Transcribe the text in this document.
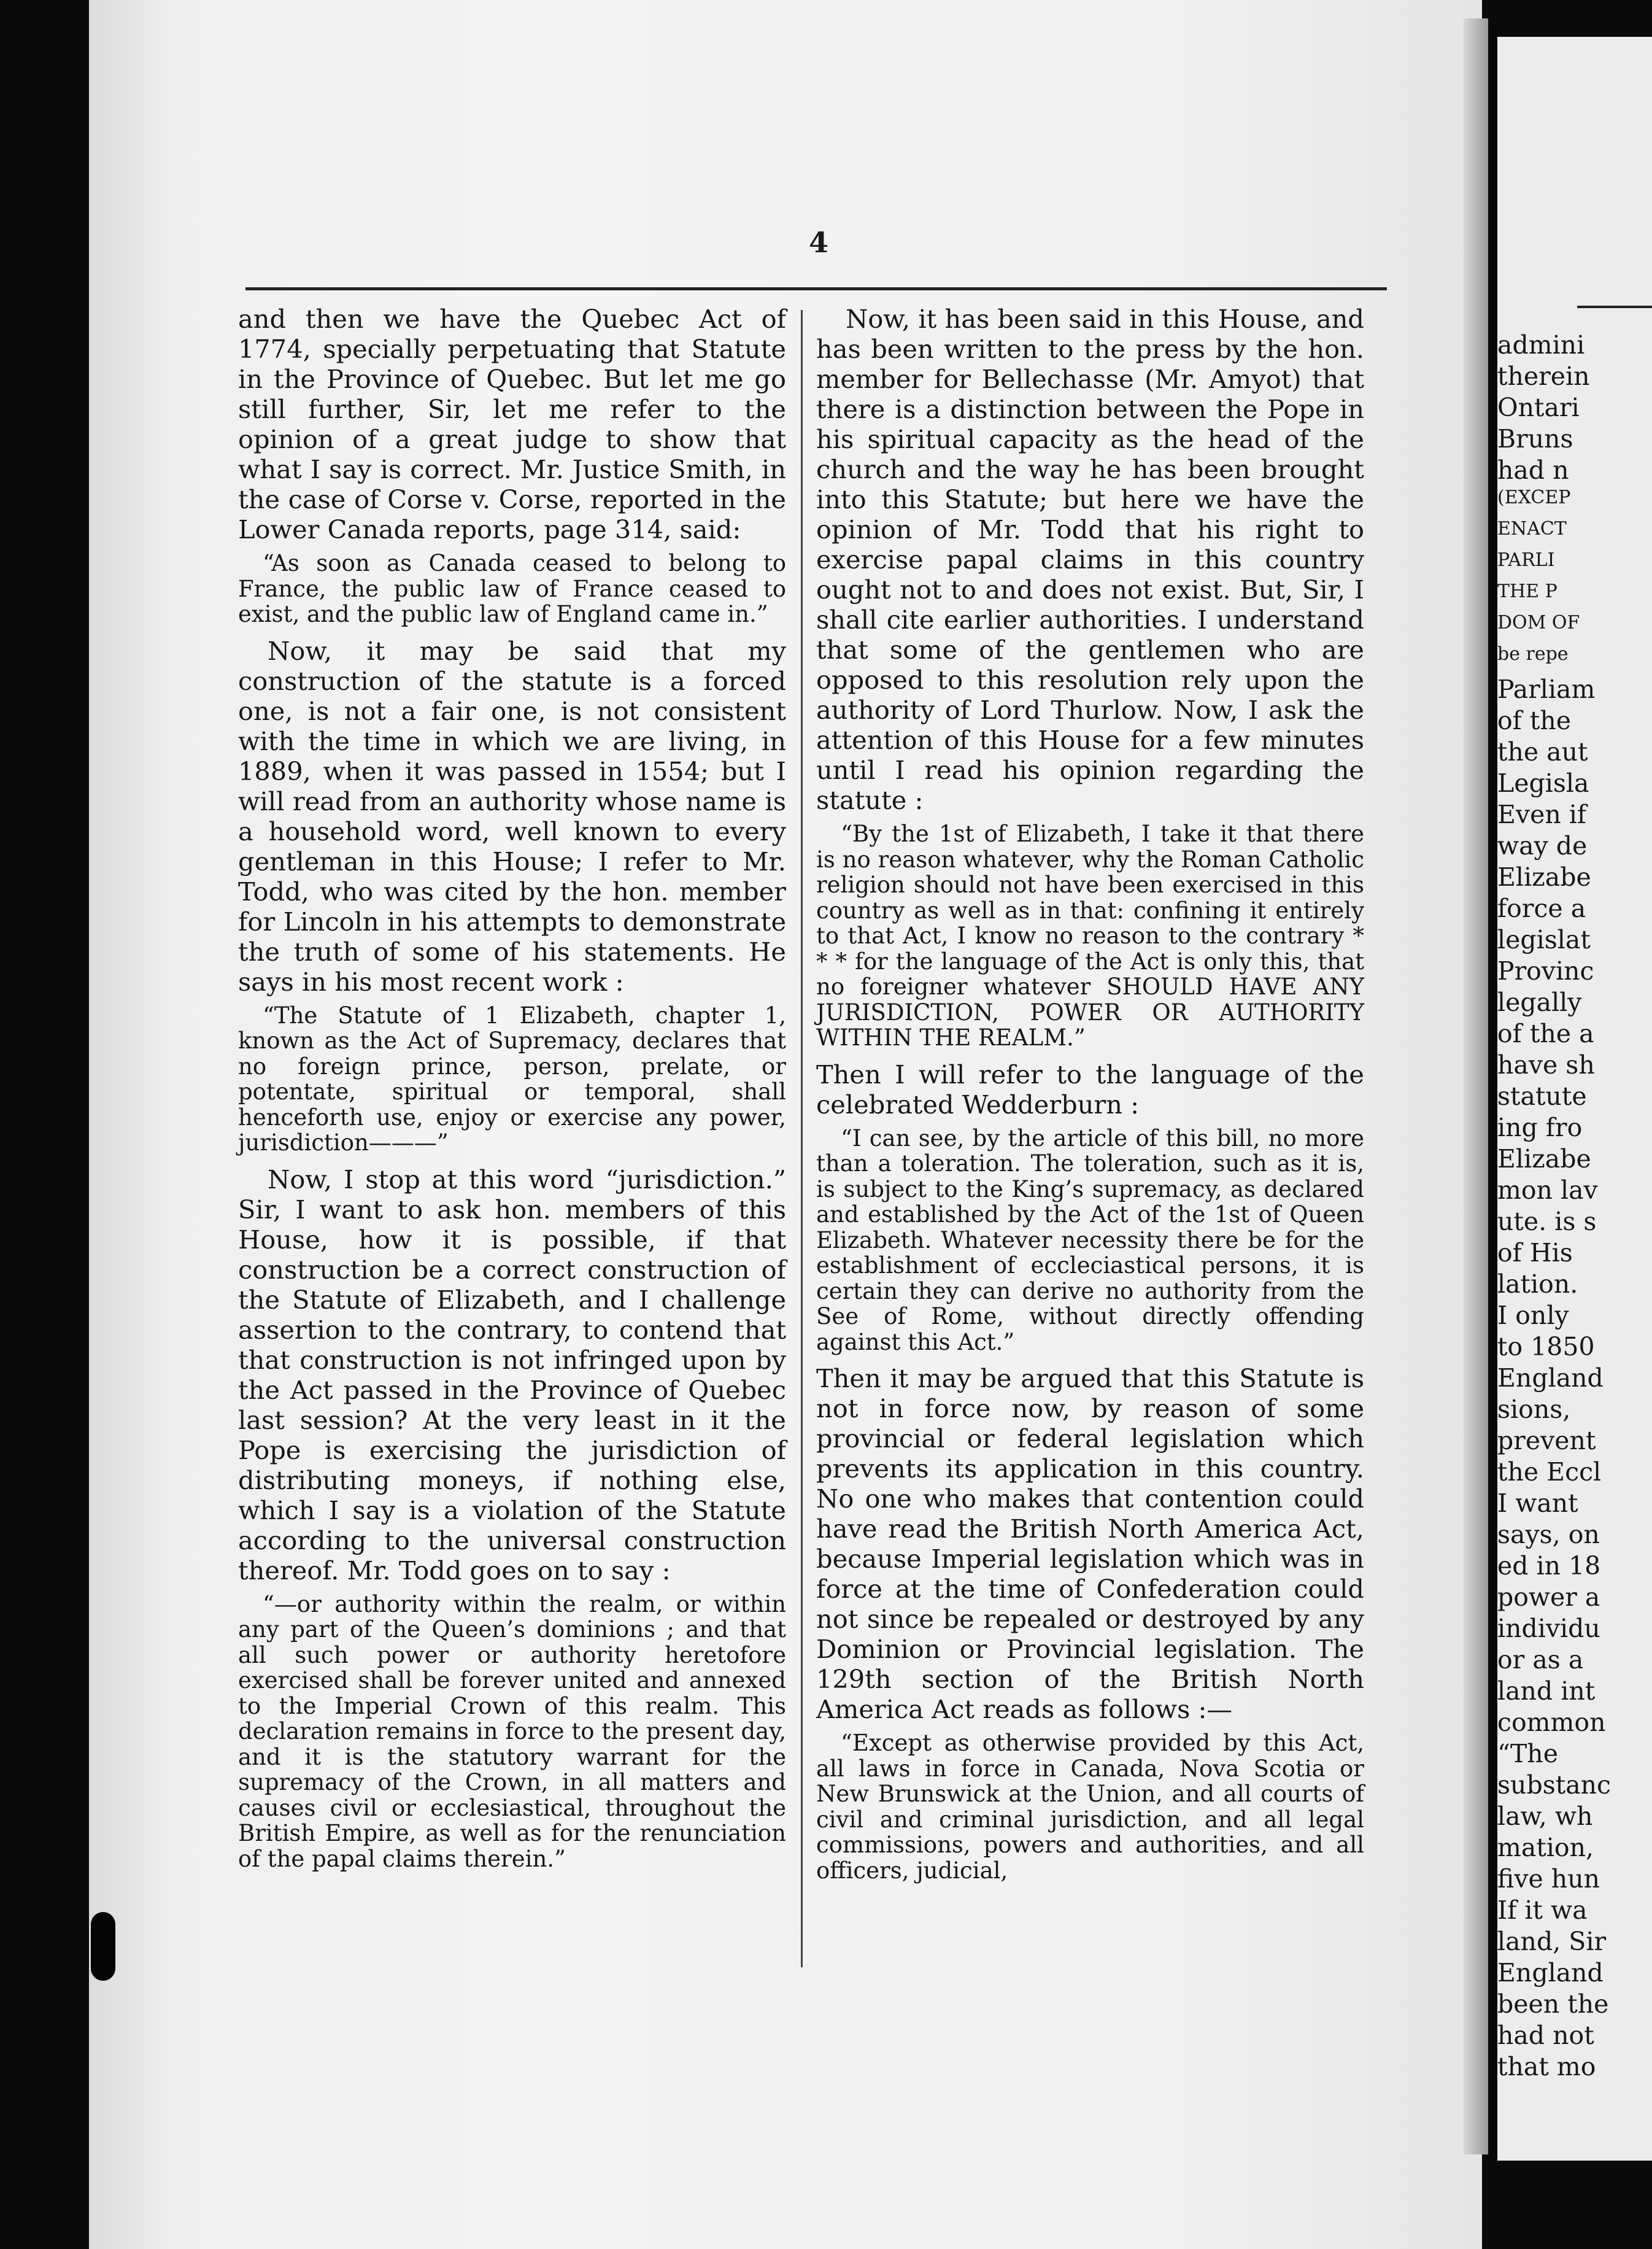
4

and then we have the Quebec Act of 1774, specially perpetuating that Statute in the Province of Quebec. But let me go still further, Sir, let me refer to the opinion of a great judge to show that what I say is correct. Mr. Justice Smith, in the case of Corse v. Corse, reported in the Lower Canada reports, page 314, said:

“As soon as Canada ceased to belong to France, the public law of France ceased to exist, and the public law of England came in.”

Now, it may be said that my construction of the statute is a forced one, is not a fair one, is not consistent with the time in which we are living, in 1889, when it was passed in 1554; but I will read from an authority whose name is a household word, well known to every gentleman in this House; I refer to Mr. Todd, who was cited by the hon. member for Lincoln in his attempts to demonstrate the truth of some of his statements. He says in his most recent work :

“The Statute of 1 Elizabeth, chapter 1, known as the Act of Supremacy, declares that no foreign prince, person, prelate, or potentate, spiritual or temporal, shall henceforth use, enjoy or exercise any power, jurisdiction———”

Now, I stop at this word “jurisdiction.” Sir, I want to ask hon. members of this House, how it is possible, if that construction be a correct construction of the Statute of Elizabeth, and I challenge assertion to the contrary, to contend that that construction is not infringed upon by the Act passed in the Province of Quebec last session? At the very least in it the Pope is exercising the jurisdiction of distributing moneys, if nothing else, which I say is a violation of the Statute according to the universal construction thereof. Mr. Todd goes on to say :

“—or authority within the realm, or within any part of the Queen’s dominions ; and that all such power or authority heretofore exercised shall be forever united and annexed to the Imperial Crown of this realm. This declaration remains in force to the present day, and it is the statutory warrant for the supremacy of the Crown, in all matters and causes civil or ecclesiastical, throughout the British Empire, as well as for the renunciation of the papal claims therein.”

Now, it has been said in this House, and has been written to the press by the hon. member for Bellechasse (Mr. Amyot) that there is a distinction between the Pope in his spiritual capacity as the head of the church and the way he has been brought into this Statute; but here we have the opinion of Mr. Todd that his right to exercise papal claims in this country ought not to and does not exist. But, Sir, I shall cite earlier authorities. I understand that some of the gentlemen who are opposed to this resolution rely upon the authority of Lord Thurlow. Now, I ask the attention of this House for a few minutes until I read his opinion regarding the statute :

“By the 1st of Elizabeth, I take it that there is no reason whatever, why the Roman Catholic religion should not have been exercised in this country as well as in that: confining it entirely to that Act, I know no reason to the contrary * * * for the language of the Act is only this, that no foreigner whatever SHOULD HAVE ANY JURISDICTION, POWER OR AUTHORITY WITHIN THE REALM.”

Then I will refer to the language of the celebrated Wedderburn :

“I can see, by the article of this bill, no more than a toleration. The toleration, such as it is, is subject to the King’s supremacy, as declared and established by the Act of the 1st of Queen Elizabeth. Whatever necessity there be for the establishment of eccleciastical persons, it is certain they can derive no authority from the See of Rome, without directly offending against this Act.”

Then it may be argued that this Statute is not in force now, by reason of some provincial or federal legislation which prevents its application in this country. No one who makes that contention could have read the British North America Act, because Imperial legislation which was in force at the time of Confederation could not since be repealed or destroyed by any Dominion or Provincial legislation. The 129th section of the British North America Act reads as follows :—

“Except as otherwise provided by this Act, all laws in force in Canada, Nova Scotia or New Brunswick at the Union, and all courts of civil and criminal jurisdiction, and all legal commissions, powers and authorities, and all officers, judicial,

admini
therein
Ontari
Bruns
had n
(EXCEP
ENACT
PARLI
THE P
DOM OF
be repe
Parliam
of the
the aut
Legisla
Even if
way de
Elizabe
force a
legislat
Provinc
legally
of the a
have sh
statute
ing fro
Elizabe
mon lav
ute. is s
of His
lation.
I only
to 1850
England
sions,
prevent
the Eccl
I want
says, on
ed in 18
power a
individu
or as a
land int
common
“The
substanc
law, wh
mation,
five hun
If it wa
land, Sir
England
been the
had not
that mo
